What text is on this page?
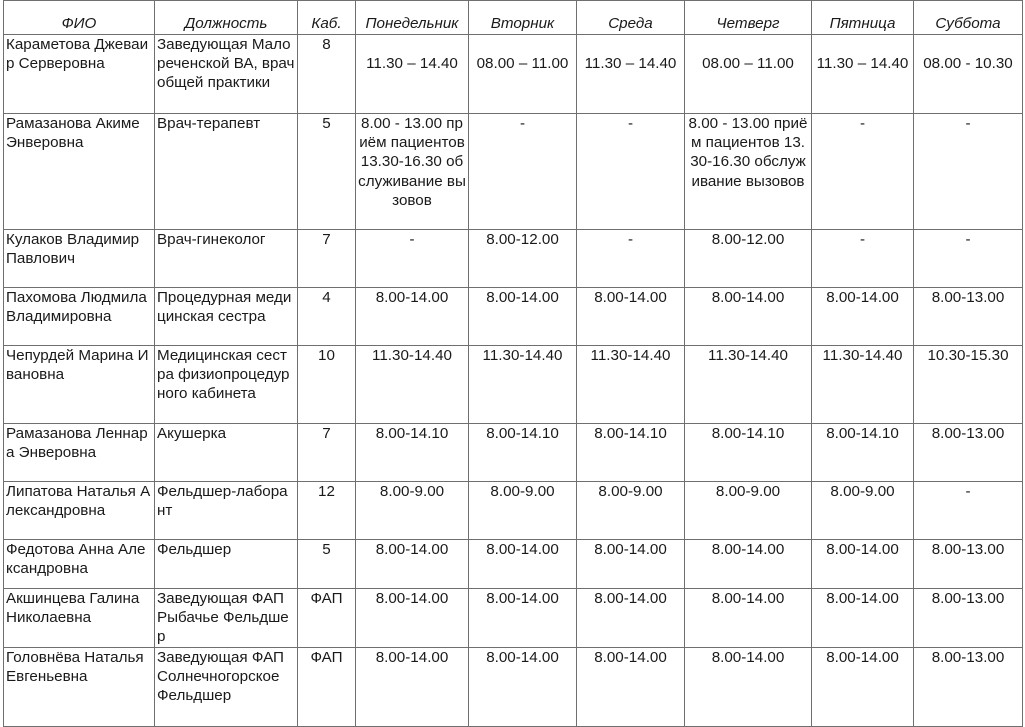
ФИО	Должность	Каб.	Понедельник	Вторник	Среда	Четверг	Пятница	Суббота

Караметова Джеваир Серверовна	Заведующая Малореченской ВА, врач общей практики	8	11.30 – 14.40	08.00 – 11.00	11.30 – 14.40	08.00 – 11.00	11.30 – 14.40	08.00 - 10.30

Рамазанова Акиме Энверовна	Врач-терапевт	5	8.00 - 13.00 приём пациентов 13.30-16.30 обслуживание вызовов	-	-	8.00 - 13.00 приём пациентов 13.30-16.30 обслуживание вызовов	-	-

Кулаков Владимир Павлович	Врач-гинеколог	7	-	8.00-12.00	-	8.00-12.00	-	-

Пахомова Людмила Владимировна	Процедурная медицинская сестра	4	8.00-14.00	8.00-14.00	8.00-14.00	8.00-14.00	8.00-14.00	8.00-13.00

Чепурдей Марина Ивановна	Медицинская сестра физиопроцедурного кабинета	10	11.30-14.40	11.30-14.40	11.30-14.40	11.30-14.40	11.30-14.40	10.30-15.30

Рамазанова Леннара Энверовна	Акушерка	7	8.00-14.10	8.00-14.10	8.00-14.10	8.00-14.10	8.00-14.10	8.00-13.00

Липатова Наталья Александровна	Фельдшер-лаборант	12	8.00-9.00	8.00-9.00	8.00-9.00	8.00-9.00	8.00-9.00	-

Федотова Анна Александровна	Фельдшер	5	8.00-14.00	8.00-14.00	8.00-14.00	8.00-14.00	8.00-14.00	8.00-13.00

Акшинцева Галина Николаевна	Заведующая ФАП Рыбачье Фельдшер	ФАП	8.00-14.00	8.00-14.00	8.00-14.00	8.00-14.00	8.00-14.00	8.00-13.00

Головнёва Наталья Евгеньевна	Заведующая ФАП Солнечногорское Фельдшер	ФАП	8.00-14.00	8.00-14.00	8.00-14.00	8.00-14.00	8.00-14.00	8.00-13.00
